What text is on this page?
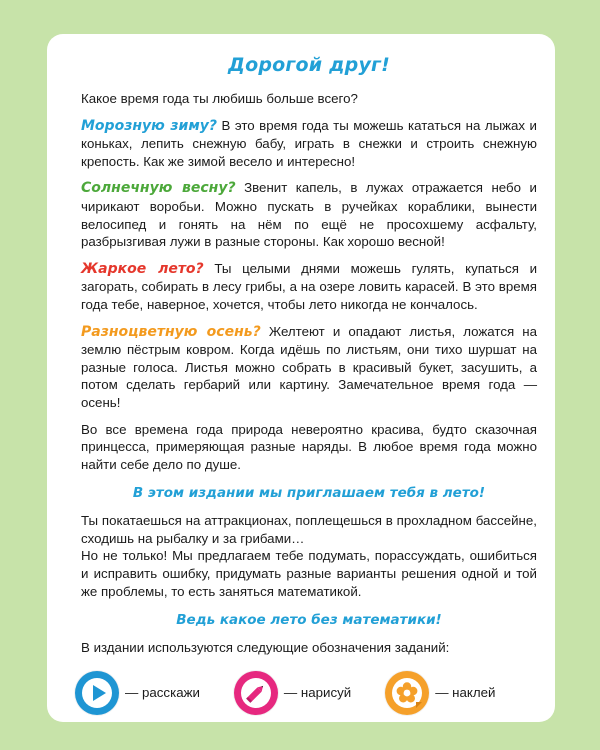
Дорогой друг!

Какое время года ты любишь больше всего?

Морозную зиму? В это время года ты можешь кататься на лыжах и коньках, лепить снежную бабу, играть в снежки и строить снежную крепость. Как же зимой весело и интересно!

Солнечную весну? Звенит капель, в лужах отражается небо и чирикают воробьи. Можно пускать в ручейках кораблики, вынести велосипед и гонять на нём по ещё не просохшему асфальту, разбрызгивая лужи в разные стороны. Как хорошо весной!

Жаркое лето? Ты целыми днями можешь гулять, купаться и загорать, собирать в лесу грибы, а на озере ловить карасей. В это время года тебе, наверное, хочется, чтобы лето никогда не кончалось.

Разноцветную осень? Желтеют и опадают листья, ложатся на землю пёстрым ковром. Когда идёшь по листьям, они тихо шуршат на разные голоса. Листья можно собрать в красивый букет, засушить, а потом сделать гербарий или картину. Замечательное время года — осень!

Во все времена года природа невероятно красива, будто сказочная принцесса, примеряющая разные наряды. В любое время года можно найти себе дело по душе.

В этом издании мы приглашаем тебя в лето!

Ты покатаешься на аттракционах, поплещешься в прохладном бассейне, сходишь на рыбалку и за грибами…

Но не только! Мы предлагаем тебе подумать, порассуждать, ошибиться и исправить ошибку, придумать разные варианты решения одной и той же проблемы, то есть заняться математикой.

Ведь какое лето без математики!

В издании используются следующие обозначения заданий:

— расскажи	— нарисуй	— наклей
